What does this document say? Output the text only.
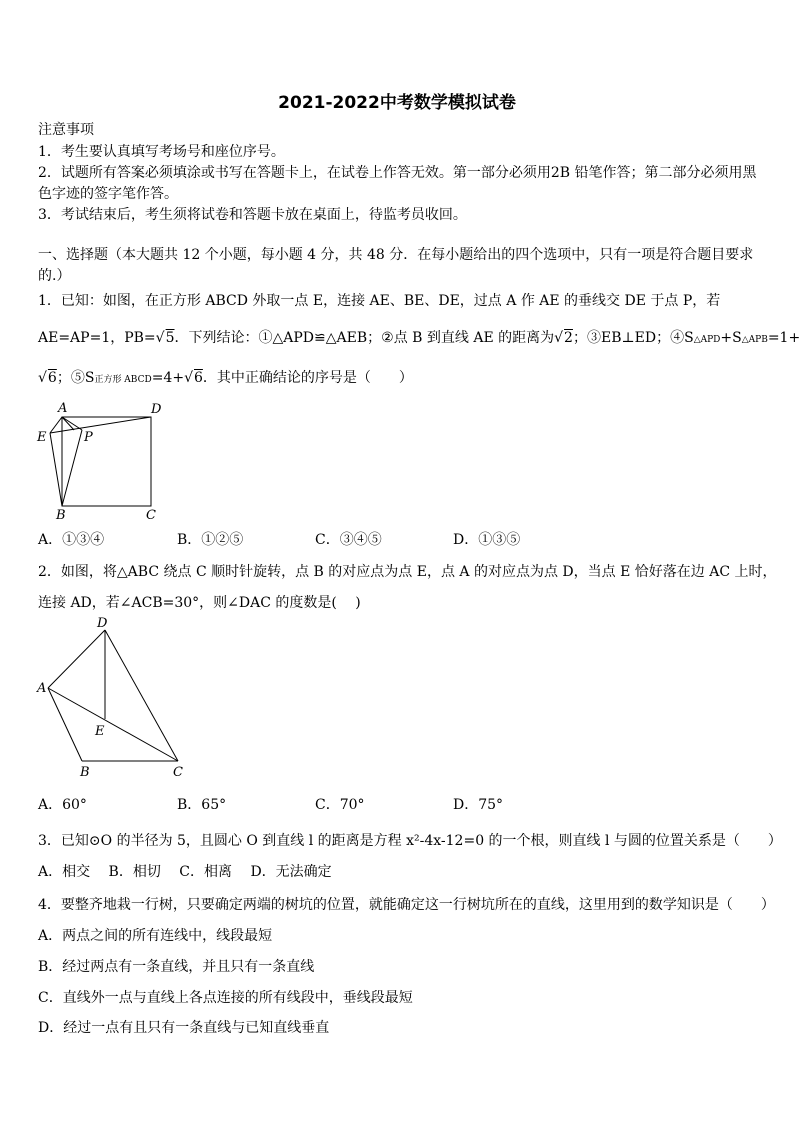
2021-2022中考数学模拟试卷
注意事项
1．考生要认真填写考场号和座位序号。
2．试题所有答案必须填涂或书写在答题卡上，在试卷上作答无效。第一部分必须用2B 铅笔作答；第二部分必须用黑
色字迹的签字笔作答。
3．考试结束后，考生须将试卷和答题卡放在桌面上，待监考员收回。
一、选择题（本大题共 12 个小题，每小题 4 分，共 48 分．在每小题给出的四个选项中，只有一项是符合题目要求
的.）
1．已知：如图，在正方形 ABCD 外取一点 E，连接 AE、BE、DE，过点 A 作 AE 的垂线交 DE 于点 P，若
AE=AP=1，PB=√5．下列结论：①△APD≌△AEB；②点 B 到直线 AE 的距离为√2；③EB⊥ED；④S△APD+S△APB=1+
√6；⑤S正方形 ABCD=4+√6．其中正确结论的序号是（　　）
A	D
E	P
B	C
A．①③④	B．①②⑤	C．③④⑤	D．①③⑤
2．如图，将△ABC 绕点 C 顺时针旋转，点 B 的对应点为点 E，点 A 的对应点为点 D，当点 E 恰好落在边 AC 上时，
连接 AD，若∠ACB=30°，则∠DAC 的度数是(　 )
D
A
E
B	C
A．60°	B．65°	C．70°	D．75°
3．已知⊙O 的半径为 5，且圆心 O 到直线 l 的距离是方程 x²-4x-12=0 的一个根，则直线 l 与圆的位置关系是（　　）
A．相交　 B．相切　 C．相离　 D．无法确定
4．要整齐地栽一行树，只要确定两端的树坑的位置，就能确定这一行树坑所在的直线，这里用到的数学知识是（　　）
A．两点之间的所有连线中，线段最短
B．经过两点有一条直线，并且只有一条直线
C．直线外一点与直线上各点连接的所有线段中，垂线段最短
D．经过一点有且只有一条直线与已知直线垂直
